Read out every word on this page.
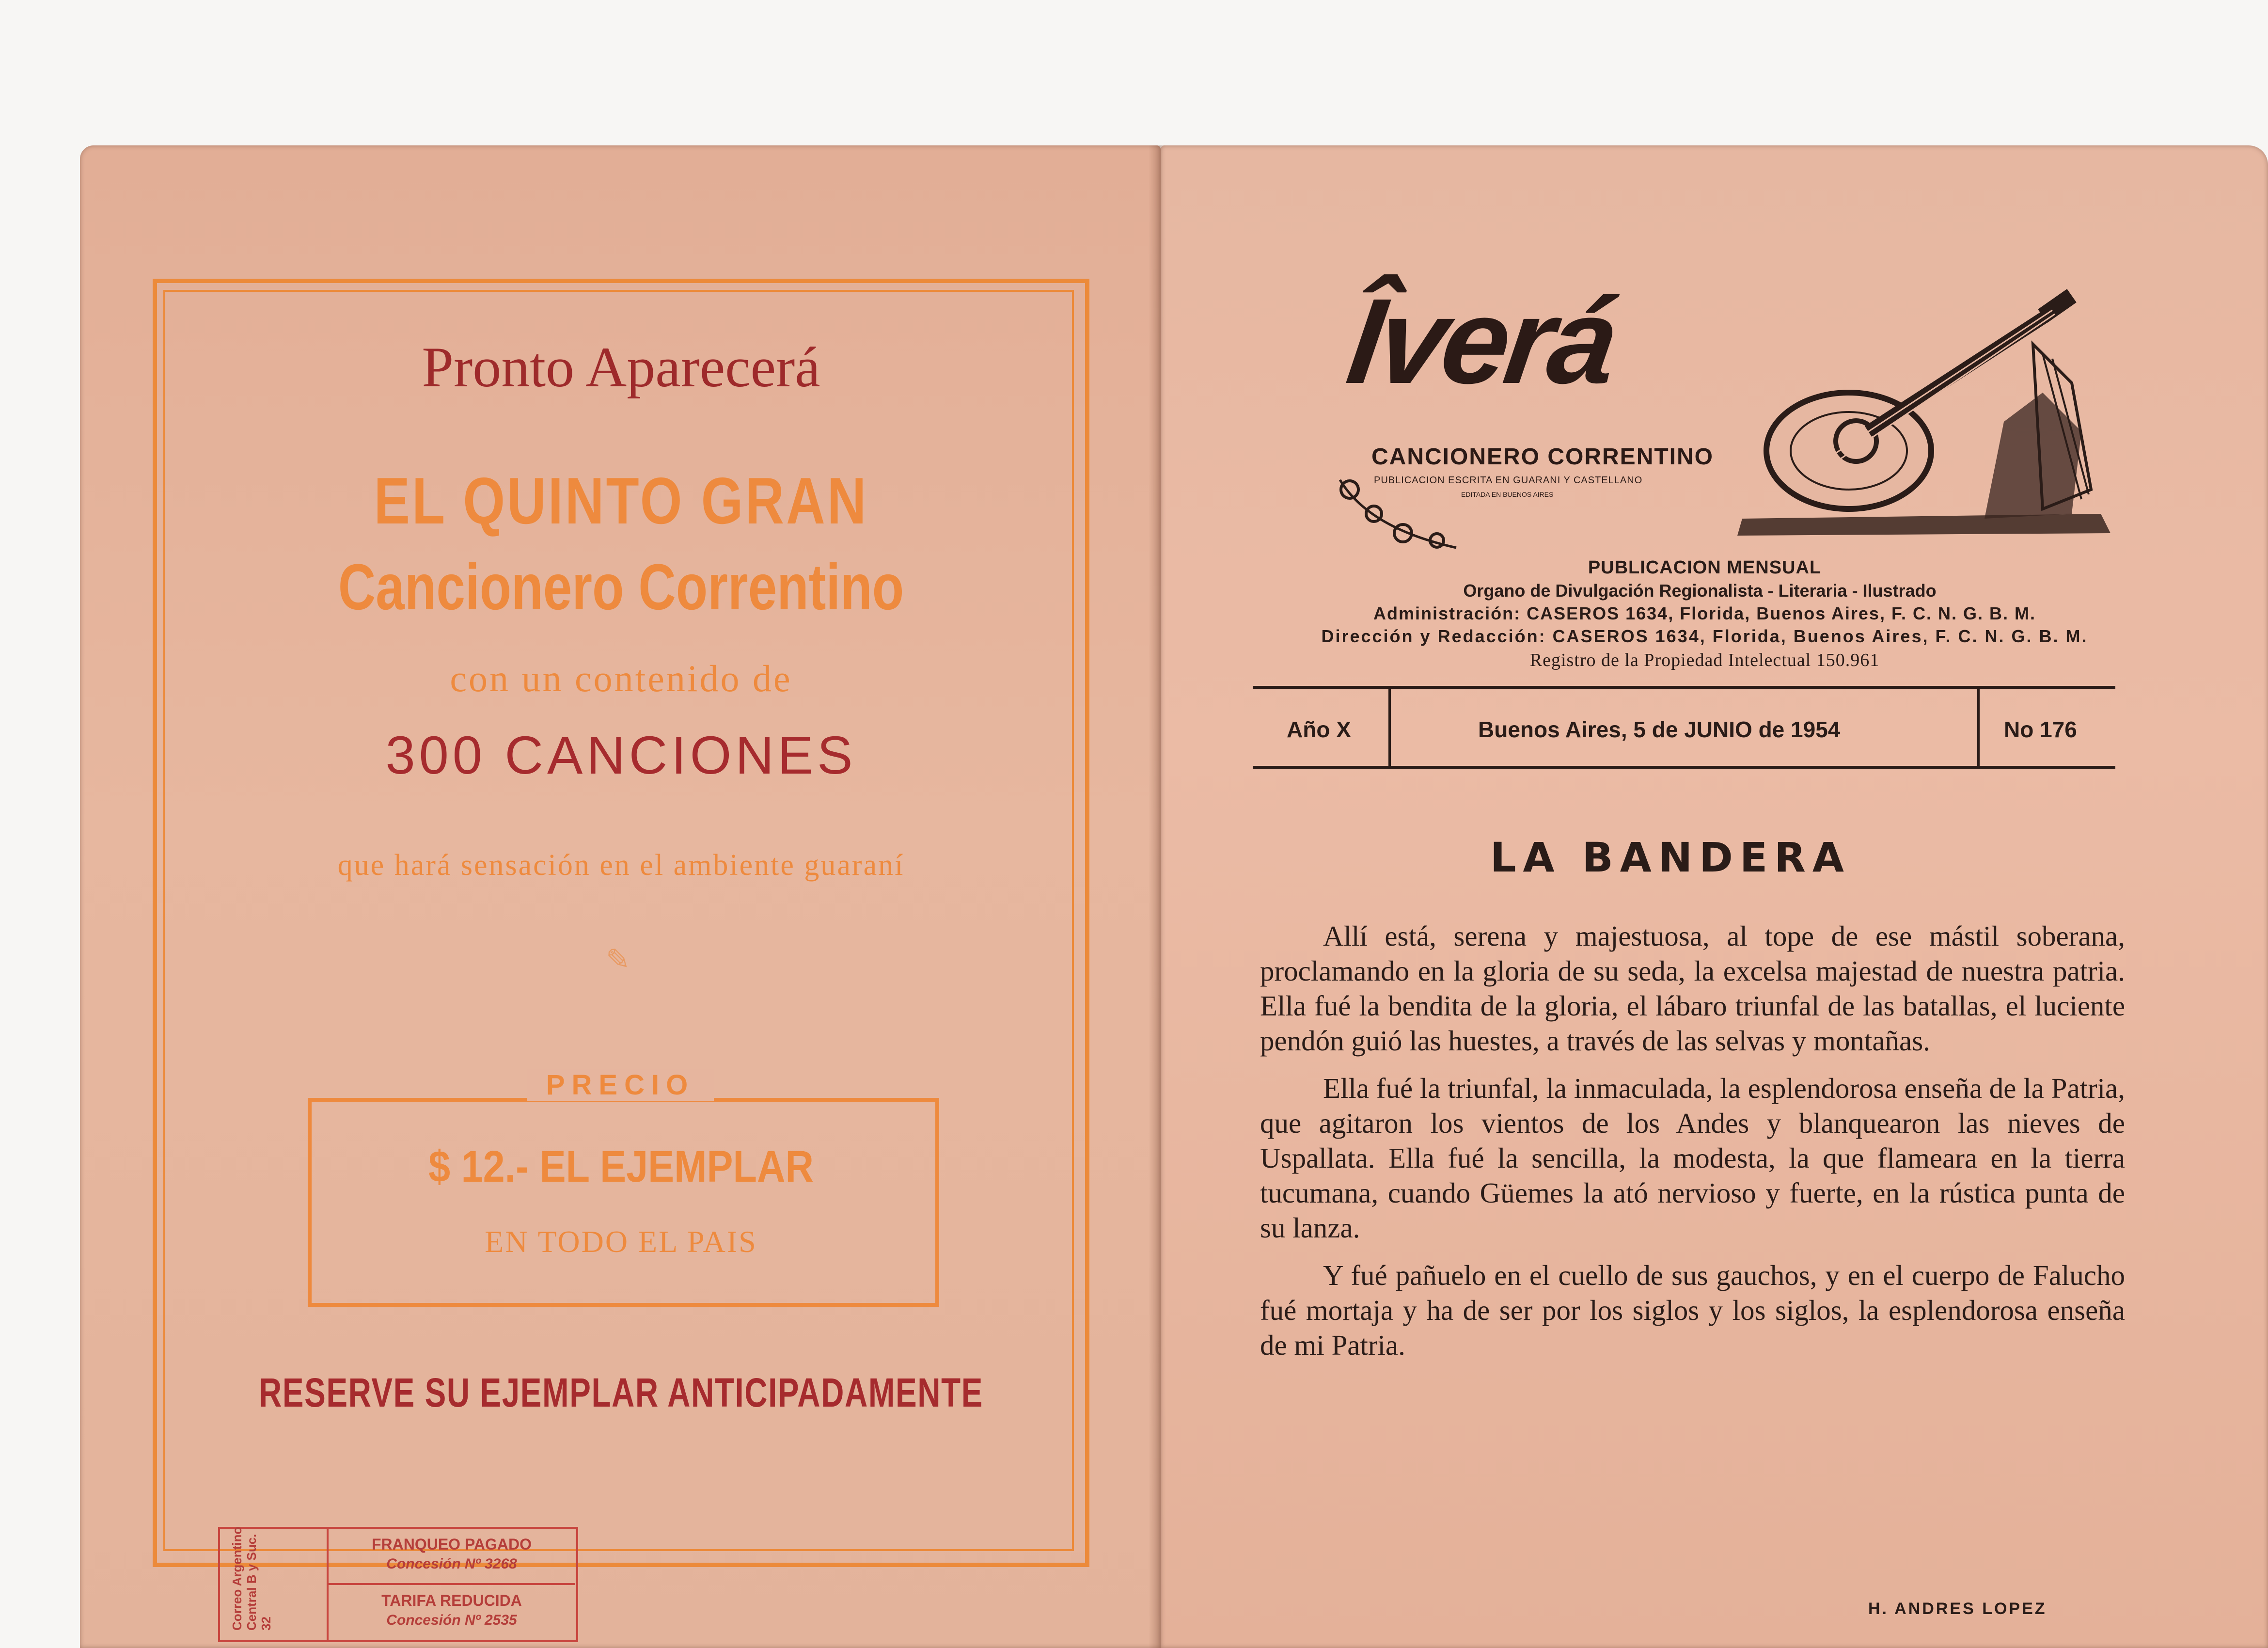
Pronto Aparecerá
EL QUINTO GRAN
Cancionero Correntino
con un contenido de
300 CANCIONES
que hará sensación en el ambiente guaraní
✎
PRECIO
$ 12.- EL EJEMPLAR
EN TODO EL PAIS
RESERVE SU EJEMPLAR ANTICIPADAMENTE
Correo Argentino Central B y Suc. 32
FRANQUEO PAGADO
Concesión Nº 3268
TARIFA REDUCIDA
Concesión Nº 2535
Îverá
CANCIONERO CORRENTINO
PUBLICACION ESCRITA EN GUARANI Y CASTELLANO
EDITADA EN BUENOS AIRES
PUBLICACION MENSUAL
Organo de Divulgación Regionalista - Literaria - Ilustrado
Administración: CASEROS 1634, Florida, Buenos Aires, F. C. N. G. B. M.
Dirección y Redacción: CASEROS 1634, Florida, Buenos Aires, F. C. N. G. B. M.
Registro de la Propiedad Intelectual 150.961
Año X	Buenos Aires, 5 de JUNIO de 1954	No 176
LA BANDERA

Allí está, serena y majestuosa, al tope de ese mástil soberana, proclamando en la gloria de su seda, la excelsa majestad de nuestra patria. Ella fué la bendita de la gloria, el lábaro triunfal de las batallas, el luciente pendón guió las huestes, a través de las selvas y montañas.

Ella fué la triunfal, la inmaculada, la esplendorosa enseña de la Patria, que agitaron los vientos de los Andes y blanquearon las nieves de Uspallata. Ella fué la sencilla, la modesta, la que flameara en la tierra tucumana, cuando Güemes la ató nervioso y fuerte, en la rústica punta de su lanza.

Y fué pañuelo en el cuello de sus gauchos, y en el cuerpo de Falucho fué mortaja y ha de ser por los siglos y los siglos, la esplendorosa enseña de mi Patria.

H. ANDRES LOPEZ
